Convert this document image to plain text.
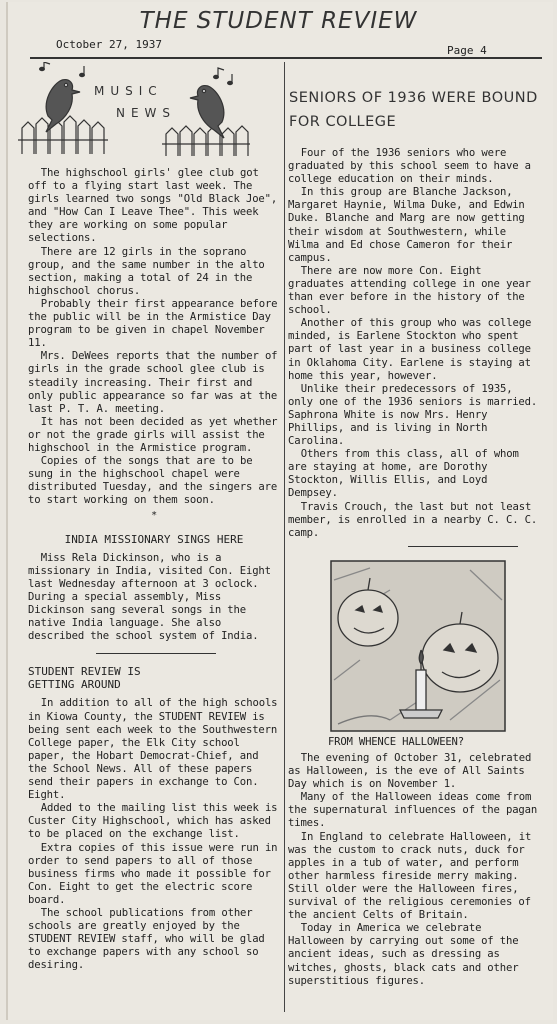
THE STUDENT REVIEW
October 27, 1937	Page 4
MUSIC
NEWS
SENIORS OF 1936 WERE BOUND FOR COLLEGE

The highschool girls' glee club got off to a flying start last week. The girls learned two songs "Old Black Joe", and "How Can I Leave Thee". This week they are working on some popular selections.

There are 12 girls in the soprano group, and the same number in the alto section, making a total of 24 in the highschool chorus.

Probably their first appearance before the public will be in the Armistice Day program to be given in chapel November 11.

Mrs. DeWees reports that the number of girls in the grade school glee club is steadily increasing. Their first and only public appearance so far was at the last P. T. A. meeting.

It has not been decided as yet whether or not the grade girls will assist the highschool in the Armistice program.

Copies of the songs that are to be sung in the highschool chapel were distributed Tuesday, and the singers are to start working on them soon.

*
INDIA MISSIONARY SINGS HERE

Miss Rela Dickinson, who is a missionary in India, visited Con. Eight last Wednesday afternoon at 3 oclock. During a special assembly, Miss Dickinson sang several songs in the native India language. She also described the school system of India.

STUDENT REVIEW IS GETTING AROUND

In addition to all of the high schools in Kiowa County, the STUDENT REVIEW is being sent each week to the Southwestern College paper, the Elk City school paper, the Hobart Democrat-Chief, and the School News. All of these papers send their papers in exchange to Con. Eight.

Added to the mailing list this week is Custer City Highschool, which has asked to be placed on the exchange list.

Extra copies of this issue were run in order to send papers to all of those business firms who made it possible for Con. Eight to get the electric score board.

The school publications from other schools are greatly enjoyed by the STUDENT REVIEW staff, who will be glad to exchange papers with any school so desiring.

Four of the 1936 seniors who were graduated by this school seem to have a college education on their minds.

In this group are Blanche Jackson, Margaret Haynie, Wilma Duke, and Edwin Duke. Blanche and Marg are now getting their wisdom at Southwestern, while Wilma and Ed chose Cameron for their campus.

There are now more Con. Eight graduates attending college in one year than ever before in the history of the school.

Another of this group who was college minded, is Earlene Stockton who spent part of last year in a business college in Oklahoma City. Earlene is staying at home this year, however.

Unlike their predecessors of 1935, only one of the 1936 seniors is married. Saphrona White is now Mrs. Henry Phillips, and is living in North Carolina.

Others from this class, all of whom are staying at home, are Dorothy Stockton, Willis Ellis, and Loyd Dempsey.

Travis Crouch, the last but not least member, is enrolled in a nearby C. C. C. camp.

FROM WHENCE HALLOWEEN?

The evening of October 31, celebrated as Halloween, is the eve of All Saints Day which is on November 1.

Many of the Halloween ideas come from the supernatural influences of the pagan times.

In England to celebrate Halloween, it was the custom to crack nuts, duck for apples in a tub of water, and perform other harmless fireside merry making. Still older were the Halloween fires, survival of the religious ceremonies of the ancient Celts of Britain.

Today in America we celebrate Halloween by carrying out some of the ancient ideas, such as dressing as witches, ghosts, black cats and other superstitious figures.
